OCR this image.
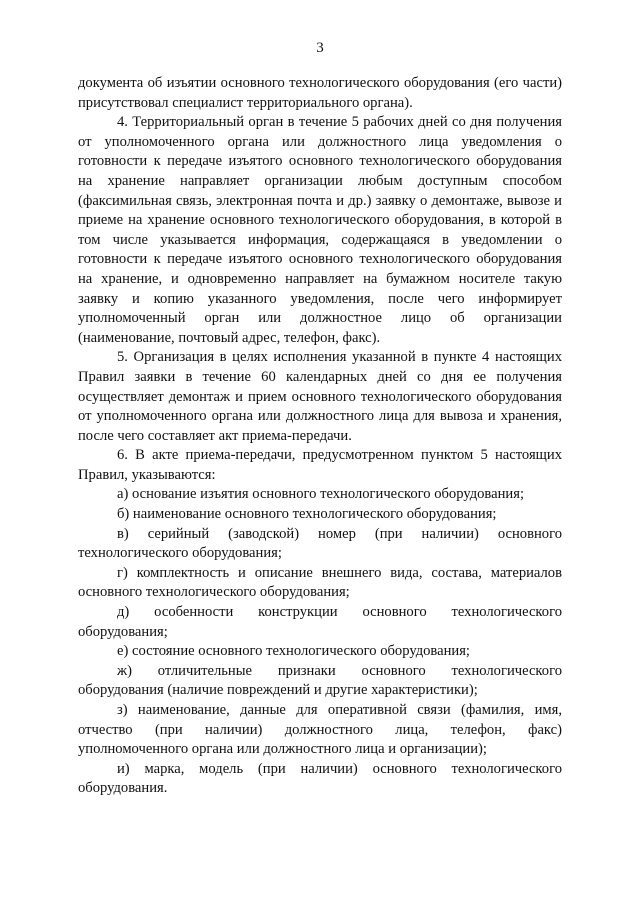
3

документа об изъятии основного технологического оборудования (его части) присутствовал специалист территориального органа).

4. Территориальный орган в течение 5 рабочих дней со дня получения от уполномоченного органа или должностного лица уведомления о готовности к передаче изъятого основного технологического оборудования на хранение направляет организации любым доступным способом (факсимильная связь, электронная почта и др.) заявку о демонтаже, вывозе и приеме на хранение основного технологического оборудования, в которой в том числе указывается информация, содержащаяся в уведомлении о готовности к передаче изъятого основного технологического оборудования на хранение, и одновременно направляет на бумажном носителе такую заявку и копию указанного уведомления, после чего информирует уполномоченный орган или должностное лицо об организации (наименование, почтовый адрес, телефон, факс).

5. Организация в целях исполнения указанной в пункте 4 настоящих Правил заявки в течение 60 календарных дней со дня ее получения осуществляет демонтаж и прием основного технологического оборудования от уполномоченного органа или должностного лица для вывоза и хранения, после чего составляет акт приема-передачи.

6. В акте приема-передачи, предусмотренном пунктом 5 настоящих Правил, указываются:

а) основание изъятия основного технологического оборудования;

б) наименование основного технологического оборудования;

в) серийный (заводской) номер (при наличии) основного технологического оборудования;

г) комплектность и описание внешнего вида, состава, материалов основного технологического оборудования;

д) особенности конструкции основного технологического оборудования;

е) состояние основного технологического оборудования;

ж) отличительные признаки основного технологического оборудования (наличие повреждений и другие характеристики);

з) наименование, данные для оперативной связи (фамилия, имя, отчество (при наличии) должностного лица, телефон, факс) уполномоченного органа или должностного лица и организации);

и) марка, модель (при наличии) основного технологического оборудования.
